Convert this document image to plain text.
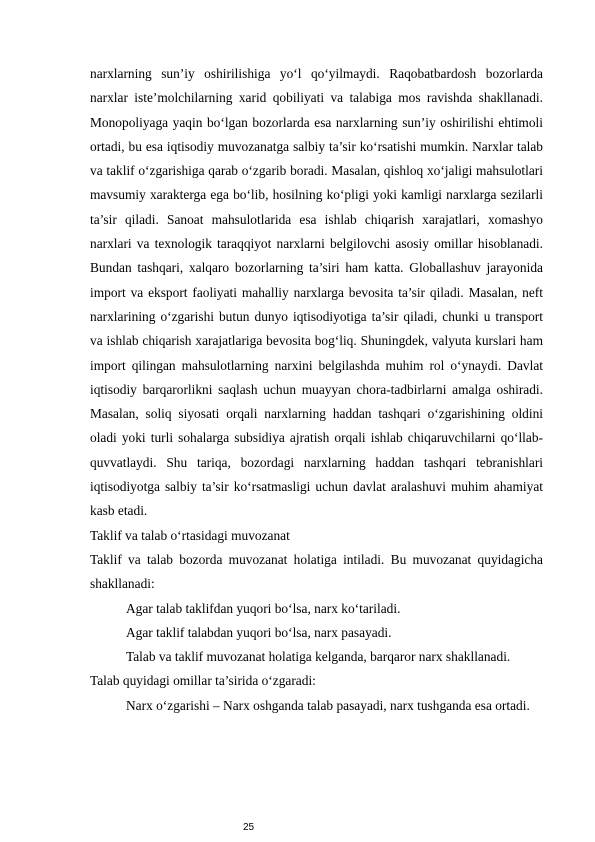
narxlarning sun’iy oshirilishiga yo‘l qo‘yilmaydi. Raqobatbardosh bozorlarda narxlar iste’molchilarning xarid qobiliyati va talabiga mos ravishda shakllanadi. Monopoliyaga yaqin bo‘lgan bozorlarda esa narxlarning sun’iy oshirilishi ehtimoli ortadi, bu esa iqtisodiy muvozanatga salbiy ta’sir ko‘rsatishi mumkin. Narxlar talab va taklif o‘zgarishiga qarab o‘zgarib boradi. Masalan, qishloq xo‘jaligi mahsulotlari mavsumiy xarakterga ega bo‘lib, hosilning ko‘pligi yoki kamligi narxlarga sezilarli ta’sir qiladi. Sanoat mahsulotlarida esa ishlab chiqarish xarajatlari, xomashyo narxlari va texnologik taraqqiyot narxlarni belgilovchi asosiy omillar hisoblanadi. Bundan tashqari, xalqaro bozorlarning ta’siri ham katta. Globallashuv jarayonida import va eksport faoliyati mahalliy narxlarga bevosita ta’sir qiladi. Masalan, neft narxlarining o‘zgarishi butun dunyo iqtisodiyotiga ta’sir qiladi, chunki u transport va ishlab chiqarish xarajatlariga bevosita bog‘liq. Shuningdek, valyuta kurslari ham import qilingan mahsulotlarning narxini belgilashda muhim rol o‘ynaydi. Davlat iqtisodiy barqarorlikni saqlash uchun muayyan chora-tadbirlarni amalga oshiradi. Masalan, soliq siyosati orqali narxlarning haddan tashqari o‘zgarishining oldini oladi yoki turli sohalarga subsidiya ajratish orqali ishlab chiqaruvchilarni qo‘llab-quvvatlaydi. Shu tariqa, bozordagi narxlarning haddan tashqari tebranishlari iqtisodiyotga salbiy ta’sir ko‘rsatmasligi uchun davlat aralashuvi muhim ahamiyat kasb etadi.

Taklif va talab o‘rtasidagi muvozanat

Taklif va talab bozorda muvozanat holatiga intiladi. Bu muvozanat quyidagicha shakllanadi:

Agar talab taklifdan yuqori bo‘lsa, narx ko‘tariladi.

Agar taklif talabdan yuqori bo‘lsa, narx pasayadi.

Talab va taklif muvozanat holatiga kelganda, barqaror narx shakllanadi.

Talab quyidagi omillar ta’sirida o‘zgaradi:

Narx o‘zgarishi – Narx oshganda talab pasayadi, narx tushganda esa ortadi.

25
